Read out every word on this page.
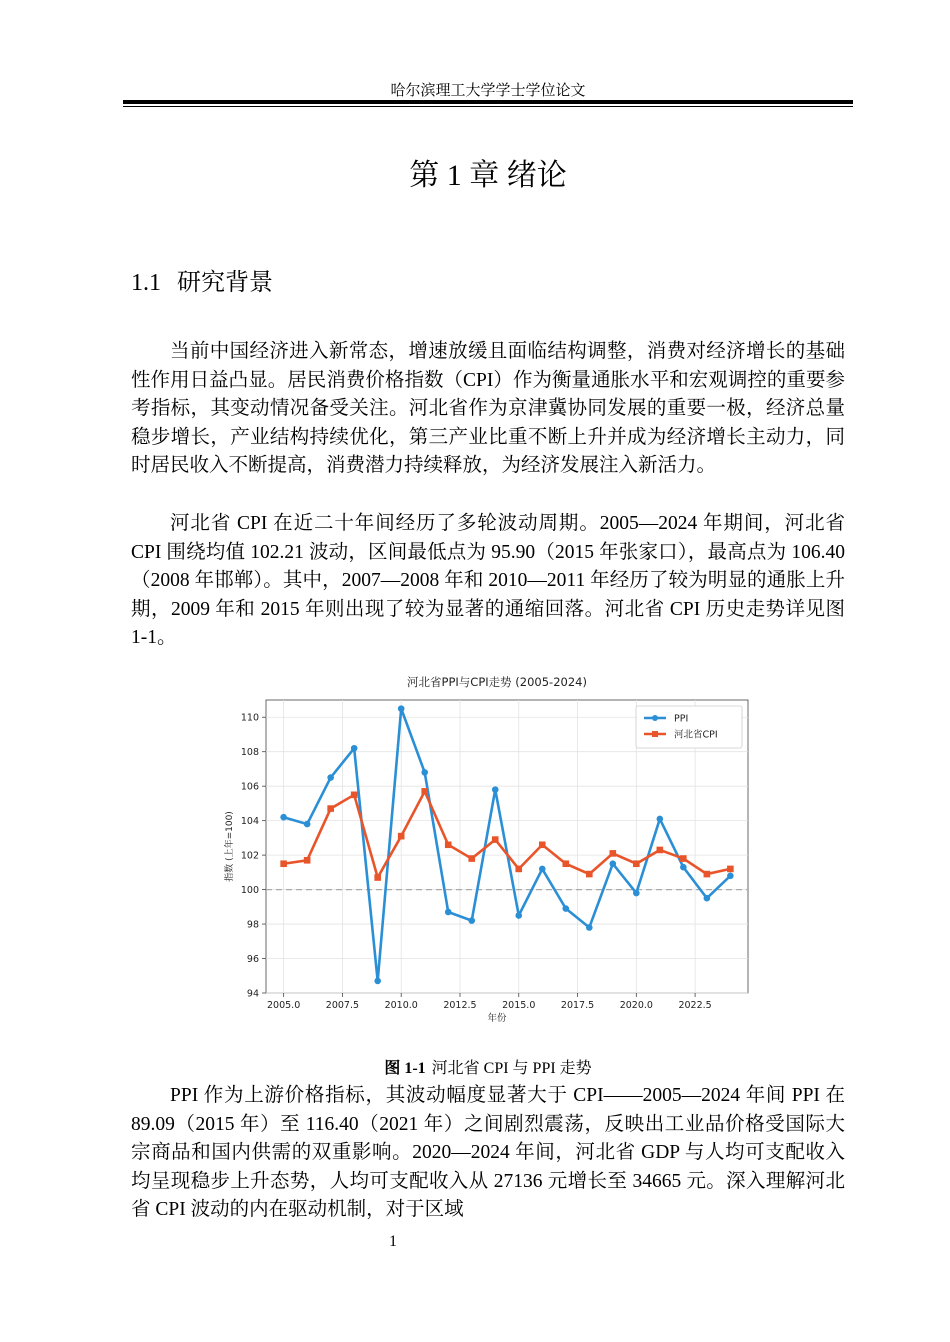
哈尔滨理工大学学士学位论文
第 1 章 绪论
1.1 研究背景

当前中国经济进入新常态，增速放缓且面临结构调整，消费对经济增长的基础性作用日益凸显。居民消费价格指数（CPI）作为衡量通胀水平和宏观调控的重要参考指标，其变动情况备受关注。河北省作为京津冀协同发展的重要一极，经济总量稳步增长，产业结构持续优化，第三产业比重不断上升并成为经济增长主动力，同时居民收入不断提高，消费潜力持续释放，为经济发展注入新活力。

河北省 CPI 在近二十年间经历了多轮波动周期。2005—2024 年期间，河北省 CPI 围绕均值 102.21 波动，区间最低点为 95.90（2015 年张家口），最高点为 106.40（2008 年邯郸）。其中，2007—2008 年和 2010—2011 年经历了较为明显的通胀上升期，2009 年和 2015 年则出现了较为显著的通缩回落。河北省 CPI 历史走势详见图 1-1。

河北省PPI与CPI走势 (2005-2024)
94
96
98
100
102
104
106
108
110
2005.0	2007.5	2010.0	2012.5	2015.0	2017.5	2020.0	2022.5
年份
指数 (上年=100)
PPI
河北省CPI
图 1-1 河北省 CPI 与 PPI 走势

PPI 作为上游价格指标，其波动幅度显著大于 CPI——2005—2024 年间 PPI 在 89.09（2015 年）至 116.40（2021 年）之间剧烈震荡，反映出工业品价格受国际大宗商品和国内供需的双重影响。2020—2024 年间，河北省 GDP 与人均可支配收入均呈现稳步上升态势，人均可支配收入从 27136 元增长至 34665 元。深入理解河北省 CPI 波动的内在驱动机制，对于区域

1
